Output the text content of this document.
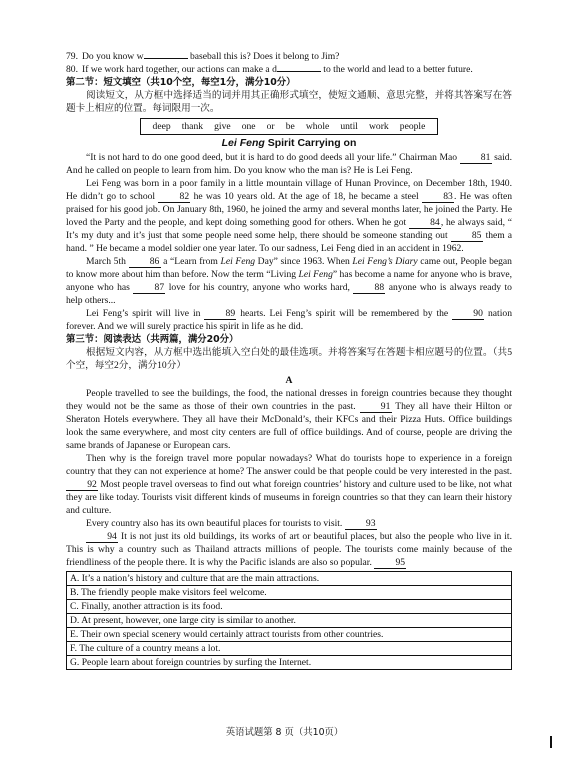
79. Do you know w	baseball this is? Does it belong to Jim?
80. If we work hard together, our actions can make a d	to the world and lead to a better future.

第二节：短文填空（共10个空，每空1分，满分10分）

阅读短文，从方框中选择适当的词并用其正确形式填空，使短文通顺、意思完整，并将其答案写在答题卡上相应的位置。每词限用一次。

deep thank give one or be whole until work people

Lei Feng Spirit Carrying on

“It is not hard to do one good deed, but it is hard to do good deeds all your life.” Chairman Mao 81 said. And he called on people to learn from him. Do you know who the man is? He is Lei Feng.

Lei Feng was born in a poor family in a little mountain village of Hunan Province, on December 18th, 1940. He didn’t go to school 82 he was 10 years old. At the age of 18, he became a steel 83. He was often praised for his good job. On January 8th, 1960, he joined the army and several months later, he joined the Party. He loved the Party and the people, and kept doing something good for others. When he got 84, he always said, “ It’s my duty and it’s just that some people need some help, there should be someone standing out 85 them a hand. ” He became a model soldier one year later. To our sadness, Lei Feng died in an accident in 1962.

March 5th 86 a “Learn from Lei Feng Day” since 1963. When Lei Feng’s Diary came out, People began to know more about him than before. Now the term “Living Lei Feng” has become a name for anyone who is brave, anyone who has 87 love for his country, anyone who works hard, 88 anyone who is always ready to help others...

Lei Feng’s spirit will live in 89 hearts. Lei Feng’s spirit will be remembered by the 90 nation forever. And we will surely practice his spirit in life as he did.

第三节：阅读表达（共两篇，满分20分）

根据短文内容，从方框中选出能填入空白处的最佳选项。并将答案写在答题卡相应题号的位置。（共5个空，每空2分，满分10分）

A

People travelled to see the buildings, the food, the national dresses in foreign countries because they thought they would not be the same as those of their own countries in the past. 91 They all have their Hilton or Sheraton Hotels everywhere. They all have their McDonald’s, their KFCs and their Pizza Huts. Office buildings look the same everywhere, and most city centers are full of office buildings. And of course, people are driving the same brands of Japanese or European cars.

Then why is the foreign travel more popular nowadays? What do tourists hope to experience in a foreign country that they can not experience at home? The answer could be that people could be very interested in the past. 92 Most people travel overseas to find out what foreign countries’ history and culture used to be like, not what they are like today. Tourists visit different kinds of museums in foreign countries so that they can learn their history and culture.

Every country also has its own beautiful places for tourists to visit. 93

94 It is not just its old buildings, its works of art or beautiful places, but also the people who live in it. This is why a country such as Thailand attracts millions of people. The tourists come mainly because of the friendliness of the people there. It is why the Pacific islands are also so popular. 95

A. It’s a nation’s history and culture that are the main attractions.
B. The friendly people make visitors feel welcome.
C. Finally, another attraction is its food.
D. At present, however, one large city is similar to another.
E. Their own special scenery would certainly attract tourists from other countries.
F. The culture of a country means a lot.
G. People learn about foreign countries by surfing the Internet.
英语试题第 8 页（共10页）
